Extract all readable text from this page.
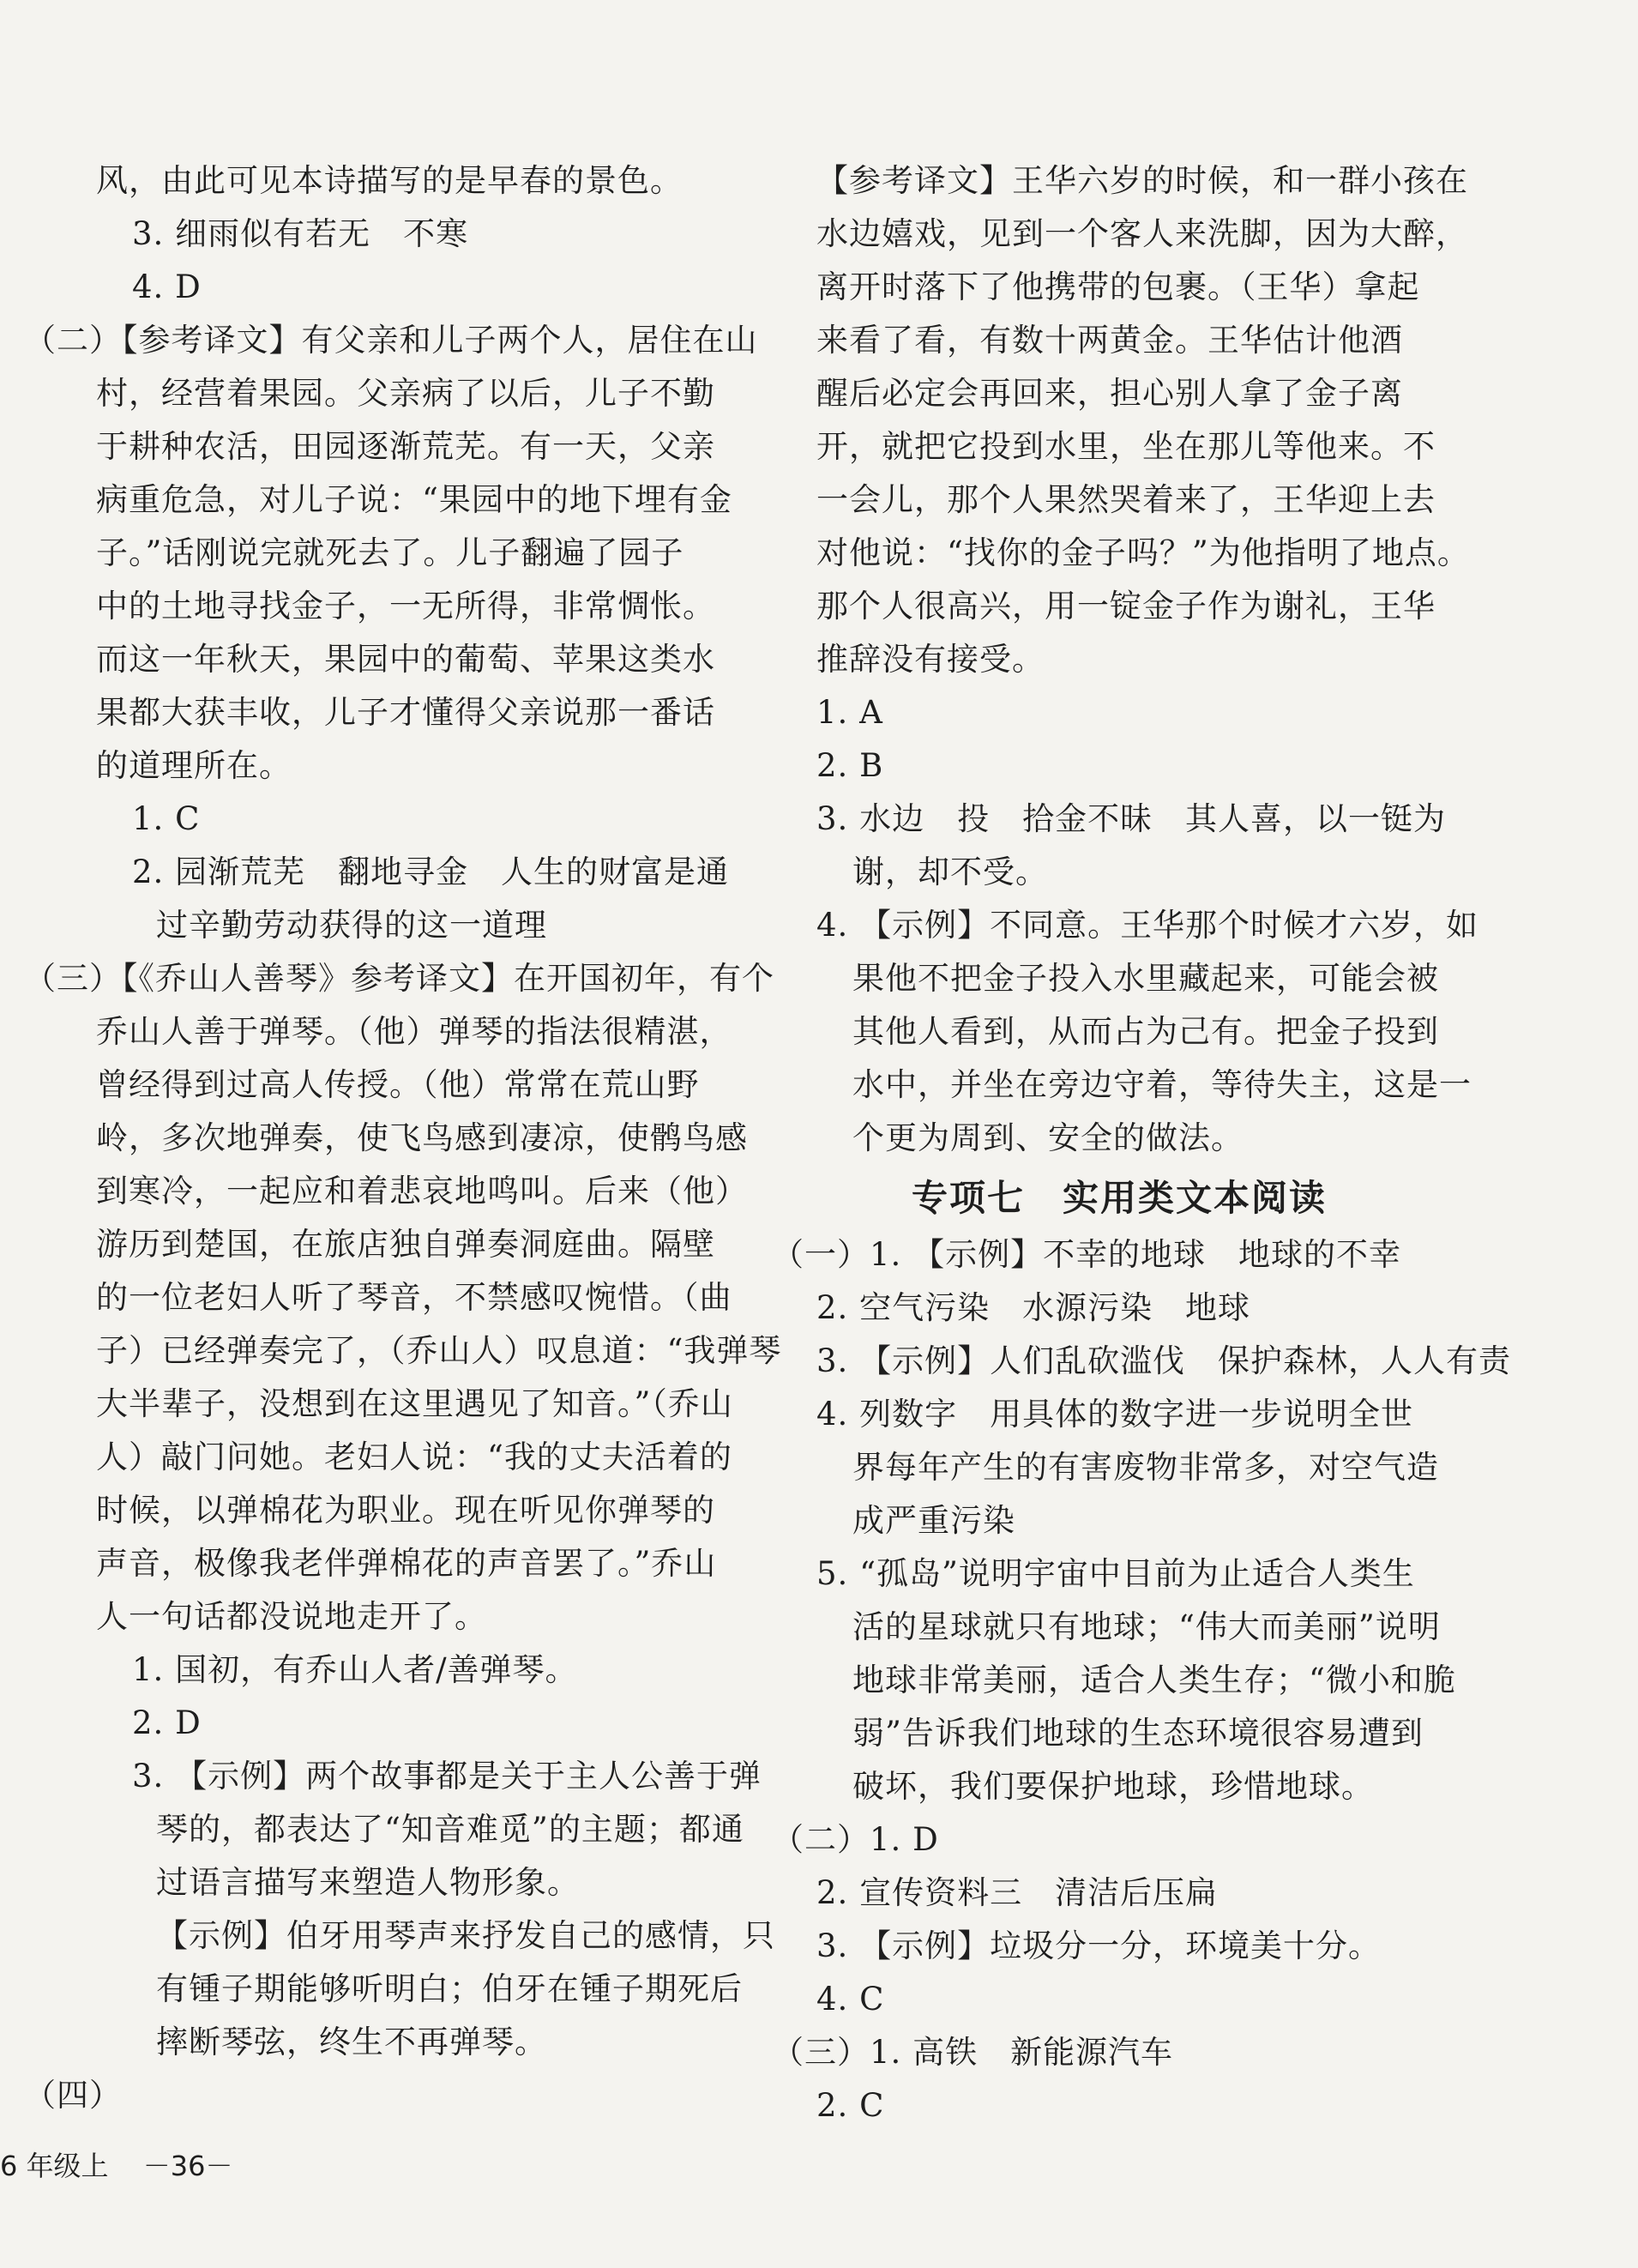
风，由此可见本诗描写的是早春的景色。
3. 细雨似有若无　不寒
4. D
（二）【参考译文】有父亲和儿子两个人，居住在山
村，经营着果园。父亲病了以后，儿子不勤
于耕种农活，田园逐渐荒芜。有一天，父亲
病重危急，对儿子说：“果园中的地下埋有金
子。”话刚说完就死去了。儿子翻遍了园子
中的土地寻找金子，一无所得，非常惆怅。
而这一年秋天，果园中的葡萄、苹果这类水
果都大获丰收，儿子才懂得父亲说那一番话
的道理所在。
1. C
2. 园渐荒芜　翻地寻金　人生的财富是通
过辛勤劳动获得的这一道理
（三）【《乔山人善琴》参考译文】在开国初年，有个
乔山人善于弹琴。（他）弹琴的指法很精湛，
曾经得到过高人传授。（他）常常在荒山野
岭，多次地弹奏，使飞鸟感到凄凉，使鹘鸟感
到寒冷，一起应和着悲哀地鸣叫。后来（他）
游历到楚国，在旅店独自弹奏洞庭曲。隔壁
的一位老妇人听了琴音，不禁感叹惋惜。（曲
子）已经弹奏完了，（乔山人）叹息道：“我弹琴
大半辈子，没想到在这里遇见了知音。”（乔山
人）敲门问她。老妇人说：“我的丈夫活着的
时候，以弹棉花为职业。现在听见你弹琴的
声音，极像我老伴弹棉花的声音罢了。”乔山
人一句话都没说地走开了。
1. 国初，有乔山人者/善弹琴。
2. D
3. 【示例】两个故事都是关于主人公善于弹
琴的，都表达了“知音难觅”的主题；都通
过语言描写来塑造人物形象。
【示例】伯牙用琴声来抒发自己的感情，只
有锺子期能够听明白；伯牙在锺子期死后
摔断琴弦，终生不再弹琴。
（四）
【参考译文】王华六岁的时候，和一群小孩在
水边嬉戏，见到一个客人来洗脚，因为大醉，
离开时落下了他携带的包裹。（王华）拿起
来看了看，有数十两黄金。王华估计他酒
醒后必定会再回来，担心别人拿了金子离
开，就把它投到水里，坐在那儿等他来。不
一会儿，那个人果然哭着来了，王华迎上去
对他说：“找你的金子吗？”为他指明了地点。
那个人很高兴，用一锭金子作为谢礼，王华
推辞没有接受。
1. A
2. B
3. 水边　投　拾金不昧　其人喜，以一铤为
谢，却不受。
4. 【示例】不同意。王华那个时候才六岁，如
果他不把金子投入水里藏起来，可能会被
其他人看到，从而占为己有。把金子投到
水中，并坐在旁边守着，等待失主，这是一
个更为周到、安全的做法。
专项七　实用类文本阅读
（一）1. 【示例】不幸的地球　地球的不幸
2. 空气污染　水源污染　地球
3. 【示例】人们乱砍滥伐　保护森林，人人有责
4. 列数字　用具体的数字进一步说明全世
界每年产生的有害废物非常多，对空气造
成严重污染
5. “孤岛”说明宇宙中目前为止适合人类生
活的星球就只有地球；“伟大而美丽”说明
地球非常美丽，适合人类生存；“微小和脆
弱”告诉我们地球的生态环境很容易遭到
破坏，我们要保护地球，珍惜地球。
（二）1. D
2. 宣传资料三　清洁后压扁
3. 【示例】垃圾分一分，环境美十分。
4. C
（三）1. 高铁　新能源汽车
2. C
6 年级上 －36－
